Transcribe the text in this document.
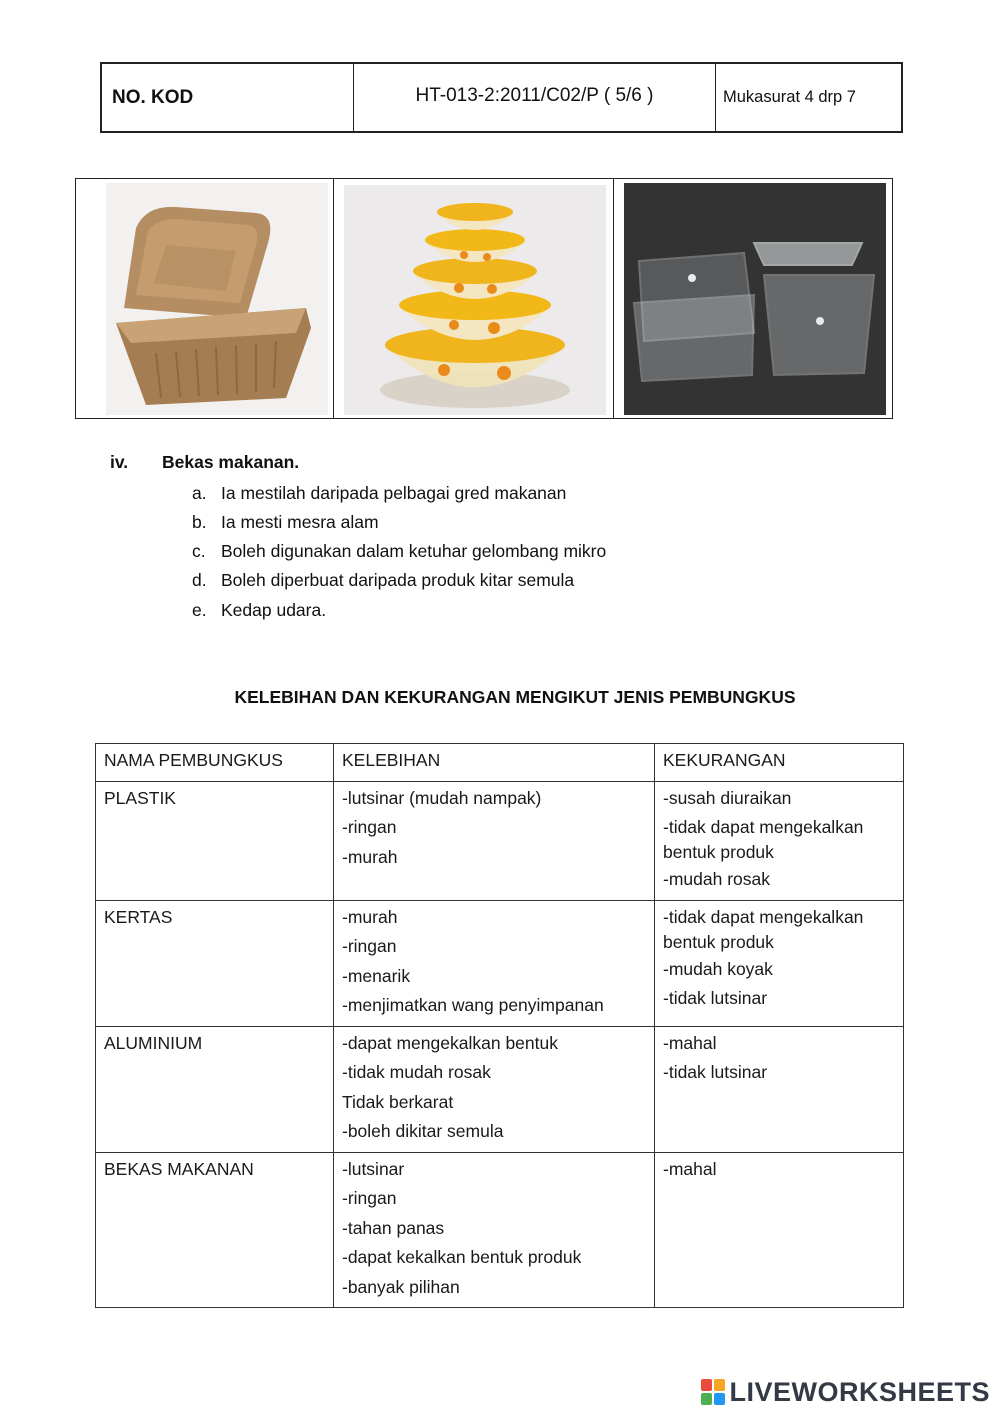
NO. KOD	HT-013-2:2011/C02/P ( 5/6 )	Mukasurat 4 drp 7
iv. Bekas makanan.
a. Ia mestilah daripada pelbagai gred makanan
b. Ia mesti mesra alam
c. Boleh digunakan dalam ketuhar gelombang mikro
d. Boleh diperbuat daripada produk kitar semula
e. Kedap udara.
KELEBIHAN DAN KEKURANGAN MENGIKUT JENIS PEMBUNGKUS
NAMA PEMBUNGKUS	KELEBIHAN	KEKURANGAN
PLASTIK	-lutsinar (mudah nampak)
-ringan
-murah	-susah diuraikan
-tidak dapat mengekalkan bentuk produk
-mudah rosak

KERTAS	-murah
-ringan
-menarik
-menjimatkan wang penyimpanan	-tidak dapat mengekalkan bentuk produk
-mudah koyak
-tidak lutsinar

ALUMINIUM	-dapat mengekalkan bentuk
-tidak mudah rosak
Tidak berkarat
-boleh dikitar semula	-mahal
-tidak lutsinar

BEKAS MAKANAN	-lutsinar
-ringan
-tahan panas
-dapat kekalkan bentuk produk
-banyak pilihan	-mahal
LIVEWORKSHEETS
